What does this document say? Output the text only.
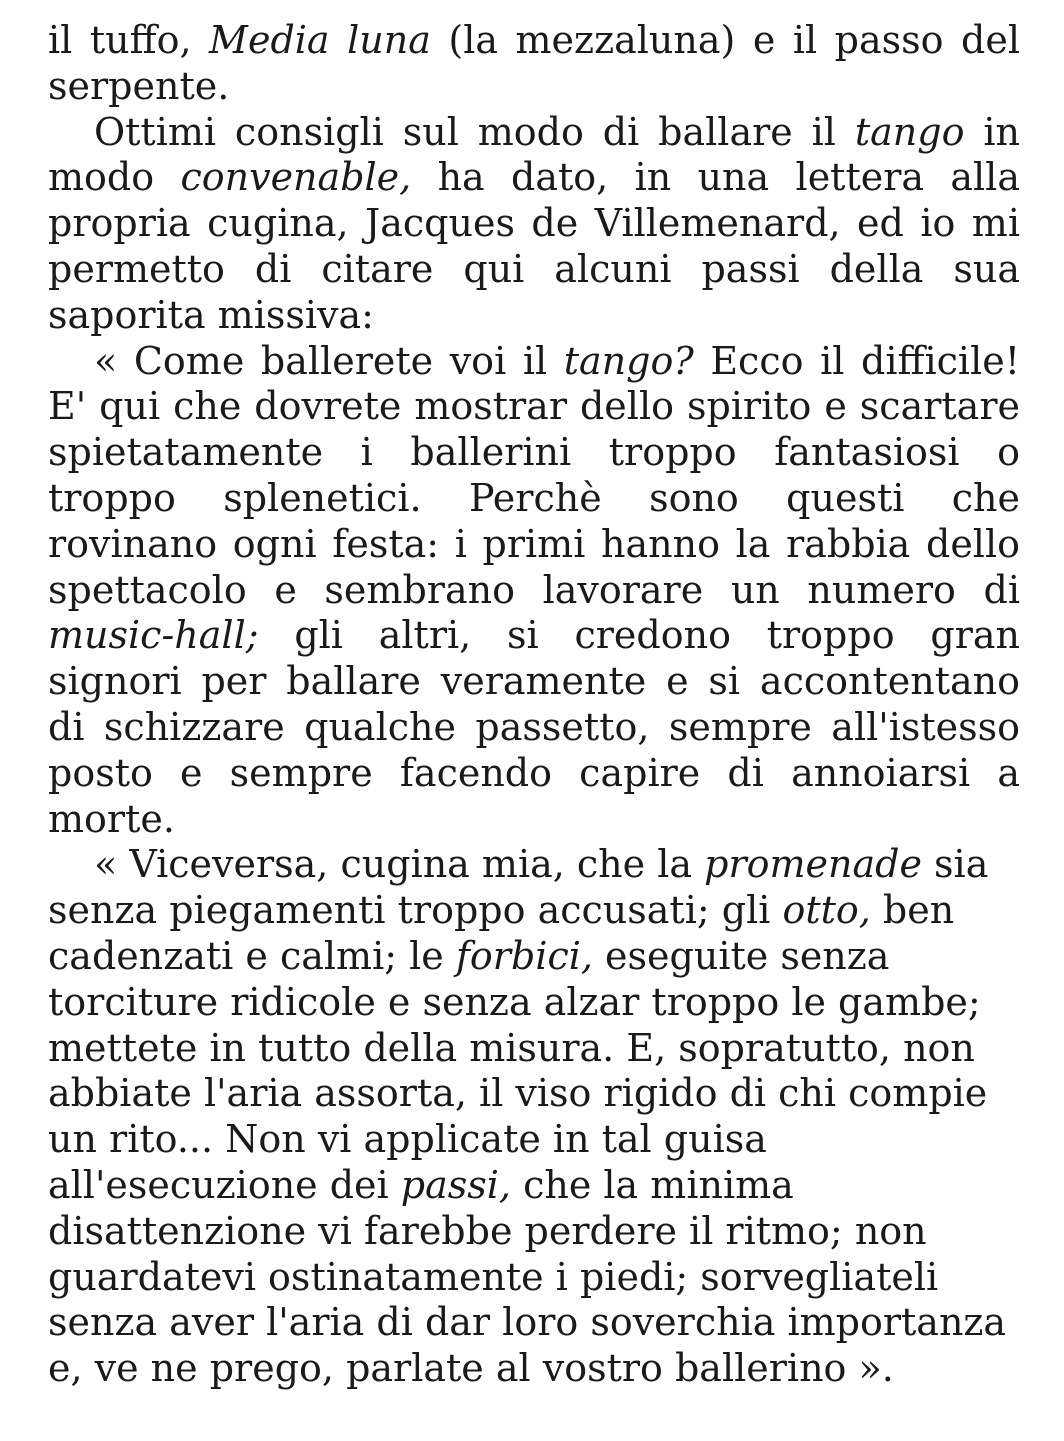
il tuffo, Media luna (la mezzaluna) e il passo del serpente.

Ottimi consigli sul modo di ballare il tango in modo convenable, ha dato, in una lettera alla propria cugina, Jacques de Villemenard, ed io mi permetto di citare qui alcuni passi della sua saporita missiva:

« Come ballerete voi il tango? Ecco il difficile! E' qui che dovrete mostrar dello spirito e scartare spietatamente i ballerini troppo fantasiosi o troppo splenetici. Perchè sono questi che rovinano ogni festa: i primi hanno la rabbia dello spettacolo e sembrano lavorare un numero di music-hall; gli altri, si credono troppo gran signori per ballare veramente e si accontentano di schizzare qualche passetto, sempre all'istesso posto e sempre facendo capire di annoiarsi a morte.

« Viceversa, cugina mia, che la promenade sia senza piegamenti troppo accusati; gli otto, ben cadenzati e calmi; le forbici, eseguite senza torciture ridicole e senza alzar troppo le gambe; mettete in tutto della misura. E, sopratutto, non abbiate l'aria assorta, il viso rigido di chi compie un rito... Non vi applicate in tal guisa all'esecuzione dei passi, che la minima disattenzione vi farebbe perdere il ritmo; non guardatevi ostinatamente i piedi; sorvegliateli senza aver l'aria di dar loro soverchia importanza e, ve ne prego, parlate al vostro ballerino ».
